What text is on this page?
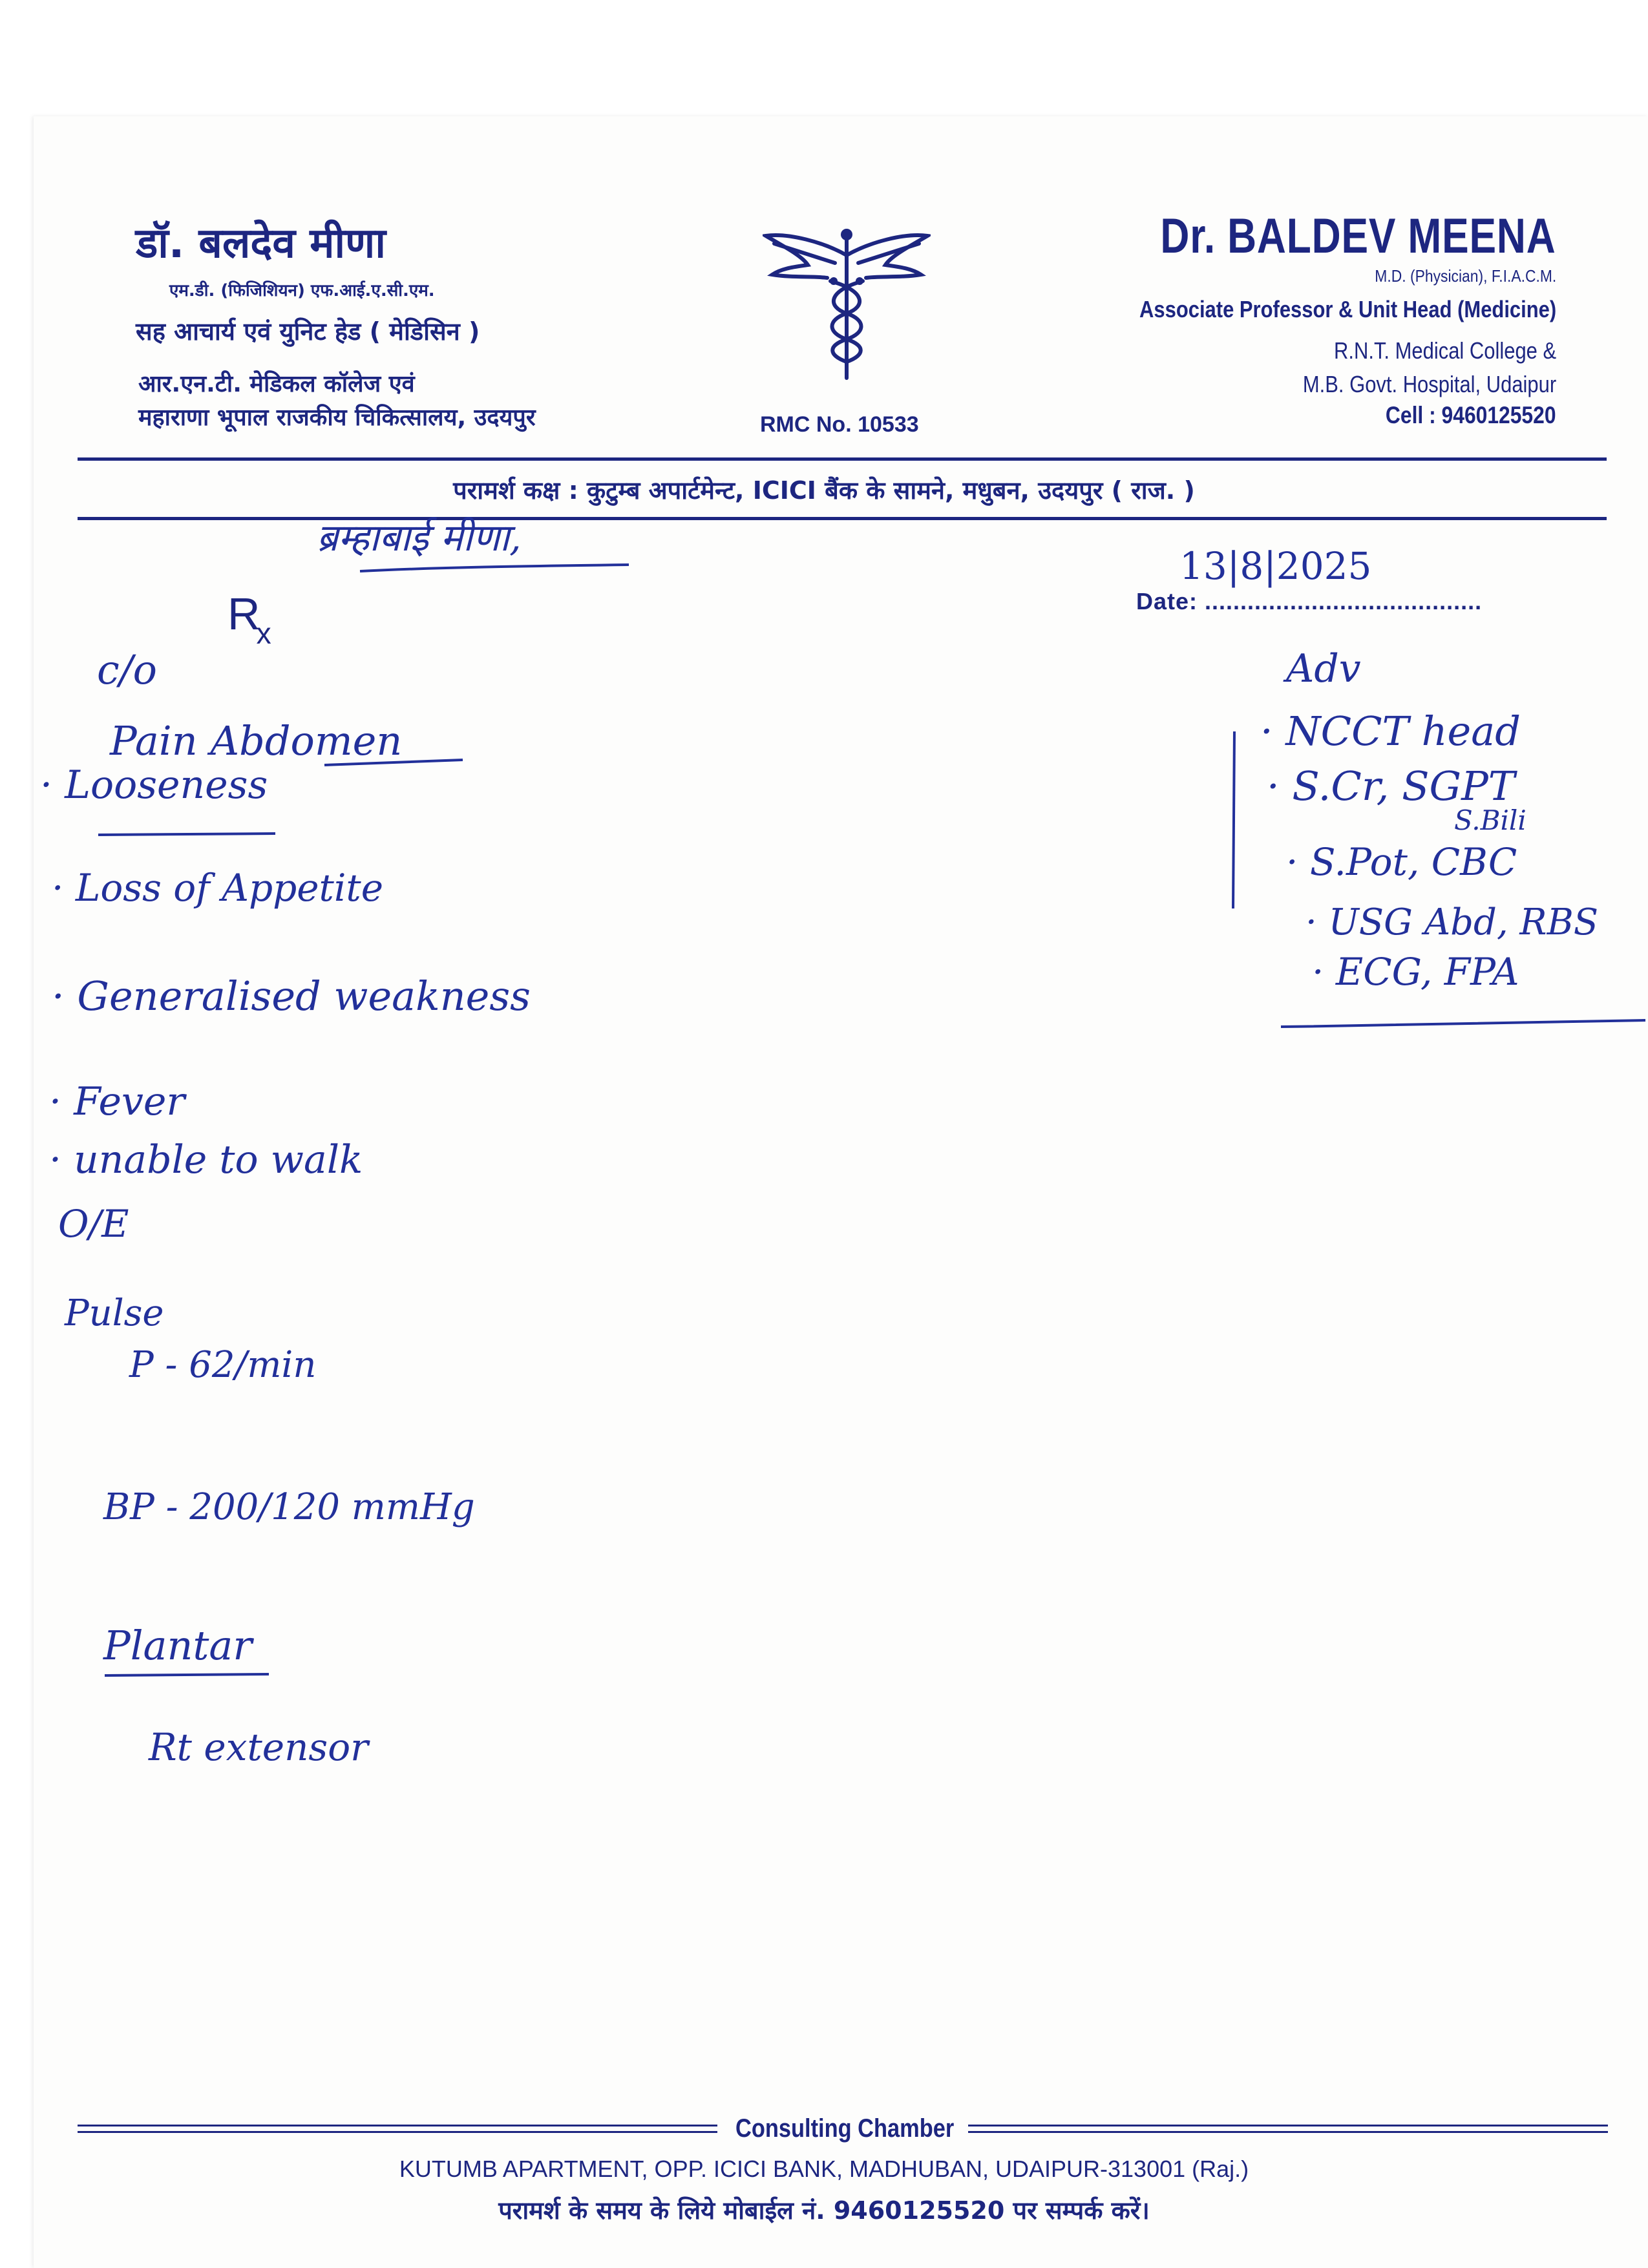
डॉ. बलदेव मीणा
एम.डी. (फिजिशियन) एफ.आई.ए.सी.एम.
सह आचार्य एवं युनिट हेड ( मेडिसिन )
आर.एन.टी. मेडिकल कॉलेज एवं
महाराणा भूपाल राजकीय चिकित्सालय, उदयपुर	RMC No. 10533
Dr. BALDEV MEENA
M.D. (Physician), F.I.A.C.M.
Associate Professor & Unit Head (Medicine)
R.N.T. Medical College &
M.B. Govt. Hospital, Udaipur
Cell : 9460125520
परामर्श कक्ष : कुटुम्ब अपार्टमेन्ट, ICICI बैंक के सामने, मधुबन, उदयपुर ( राज. )
ब्रम्हाबाई मीणा,
13|8|2025
Date: .......................................
$R_x$
c/o
Pain Abdomen
· Looseness
· Loss of Appetite
· Generalised weakness
· Fever
· unable to walk
O/E
Pulse
P - 62/min
BP - 200/120 mmHg
Plantar
Rt extensor
Adv
· NCCT head
· S.Cr, SGPT
S.Bili
· S.Pot, CBC
· USG Abd, RBS
· ECG, FPA
Consulting Chamber
KUTUMB APARTMENT, OPP. ICICI BANK, MADHUBAN, UDAIPUR-313001 (Raj.)
परामर्श के समय के लिये मोबाईल नं. 9460125520 पर सम्पर्क करें।
